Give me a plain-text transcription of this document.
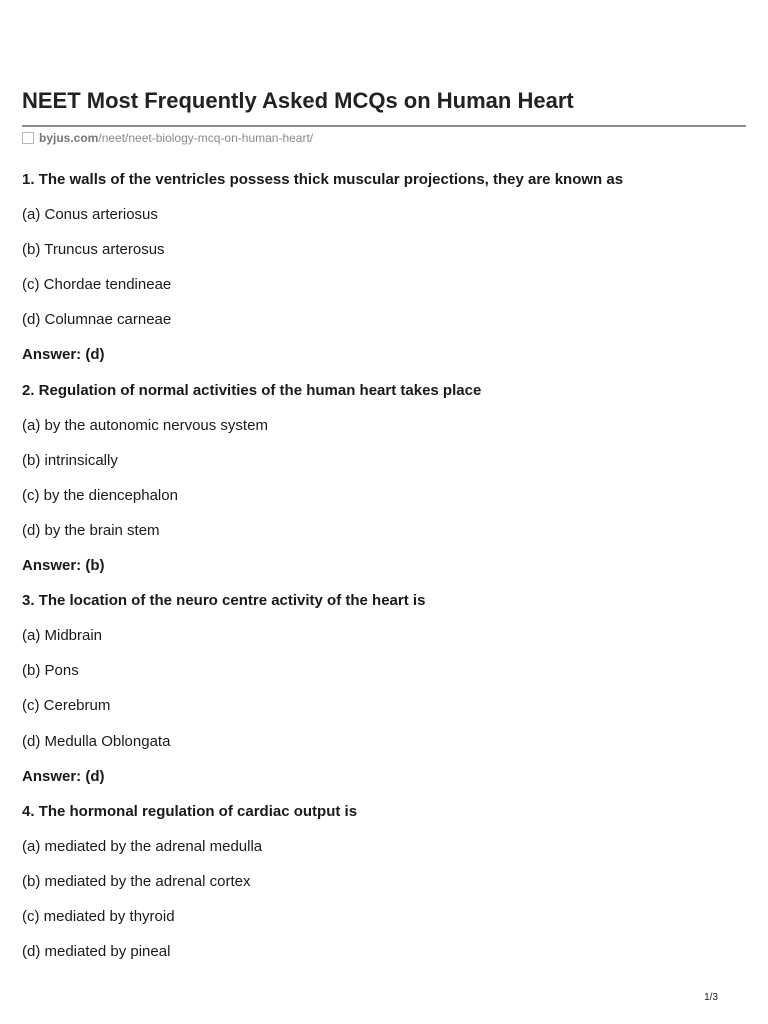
NEET Most Frequently Asked MCQs on Human Heart
byjus.com /neet/neet-biology-mcq-on-human-heart/
1. The walls of the ventricles possess thick muscular projections, they are known as
(a) Conus arteriosus
(b) Truncus arterosus
(c) Chordae tendineae
(d) Columnae carneae
Answer: (d)
2. Regulation of normal activities of the human heart takes place
(a) by the autonomic nervous system
(b) intrinsically
(c) by the diencephalon
(d) by the brain stem
Answer: (b)
3. The location of the neuro centre activity of the heart is
(a) Midbrain
(b) Pons
(c) Cerebrum
(d) Medulla Oblongata
Answer: (d)
4. The hormonal regulation of cardiac output is
(a) mediated by the adrenal medulla
(b) mediated by the adrenal cortex
(c) mediated by thyroid
(d) mediated by pineal
1/3
